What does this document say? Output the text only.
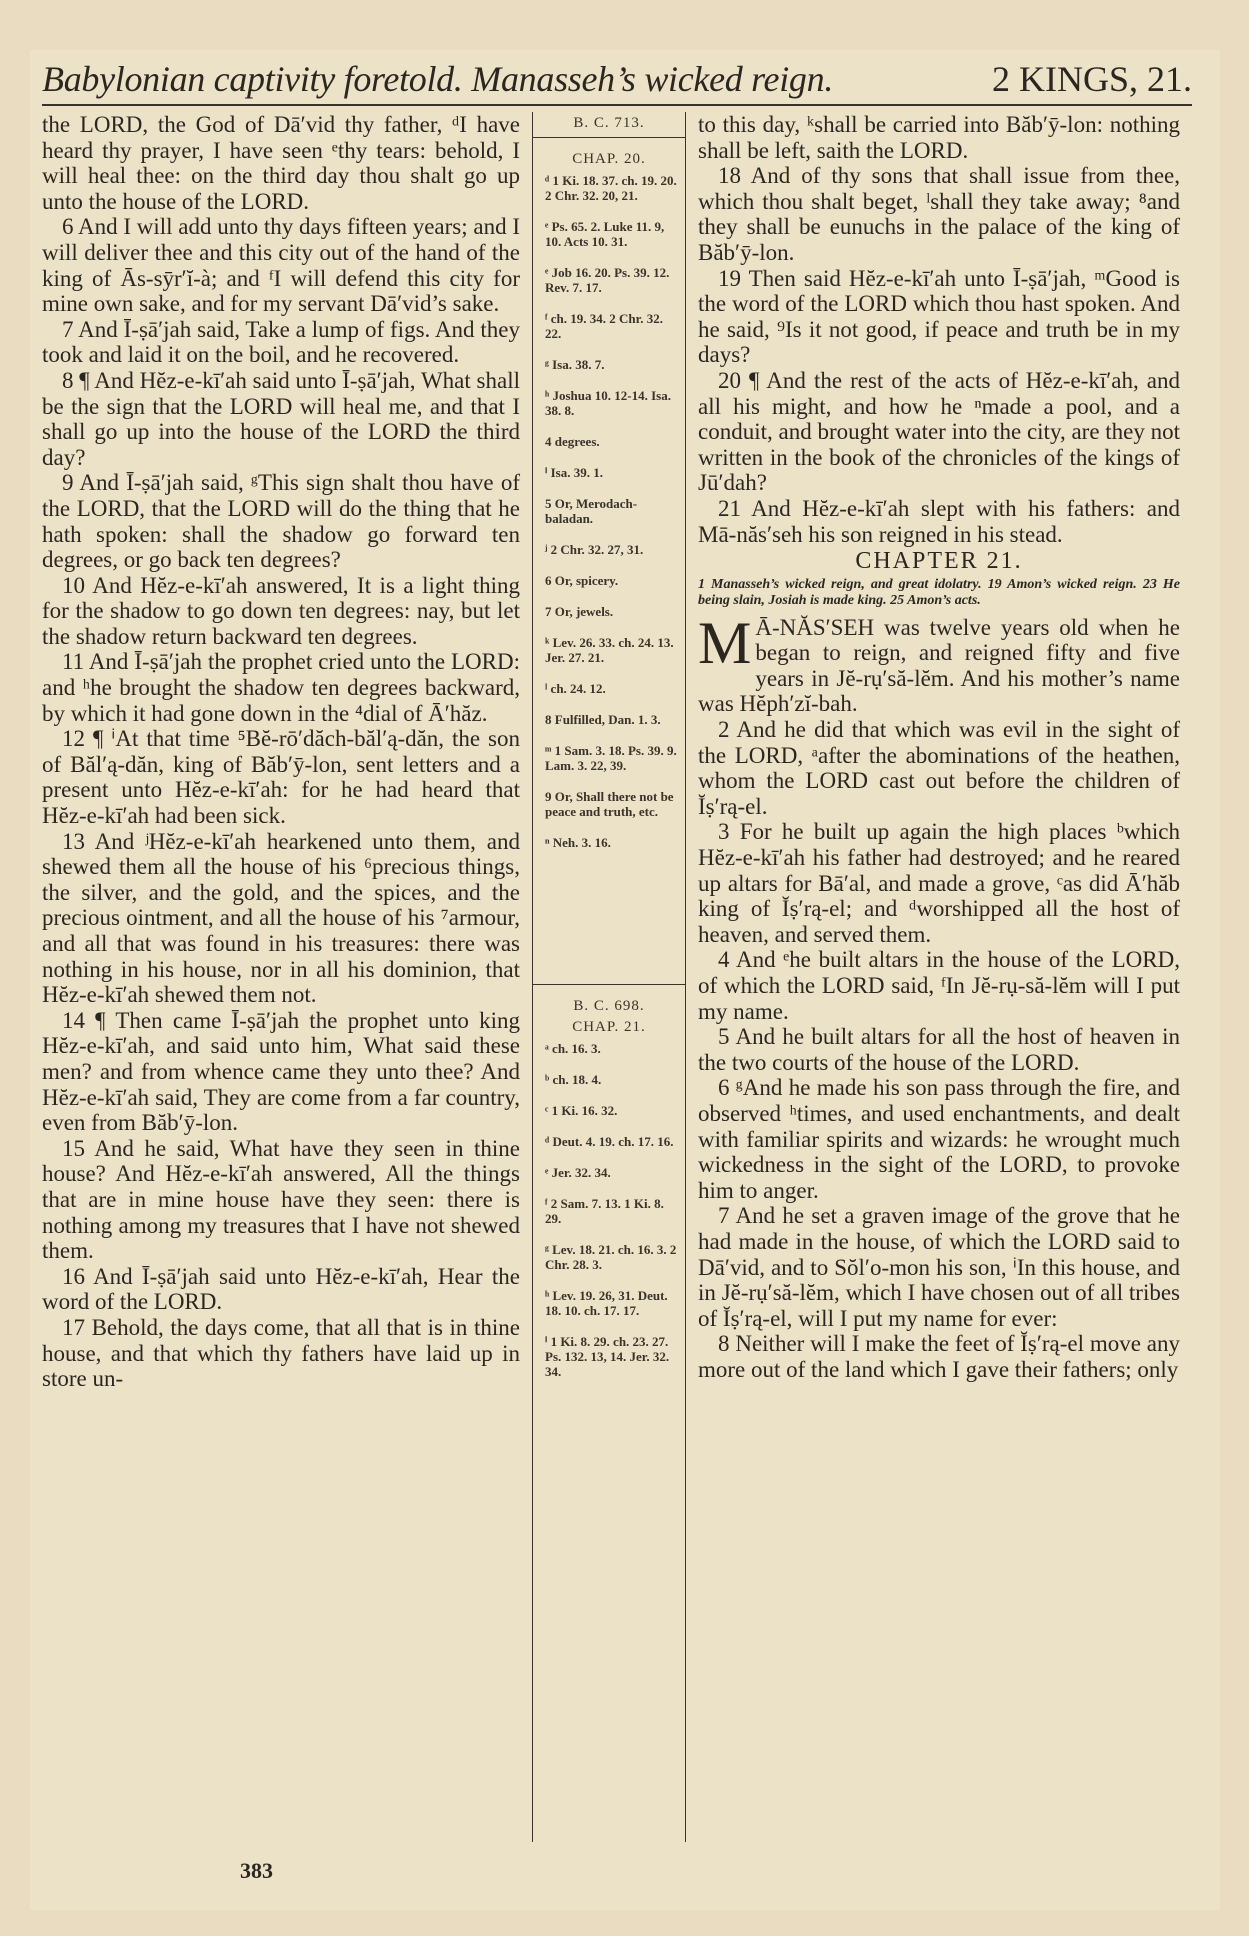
Babylonian captivity foretold. Manasseh’s wicked reign.	2 KINGS, 21.

the LORD, the God of Dā′vid thy father, ᵈI have heard thy prayer, I have seen ᵉthy tears: behold, I will heal thee: on the third day thou shalt go up unto the house of the LORD.

6 And I will add unto thy days fifteen years; and I will deliver thee and this city out of the hand of the king of Ās-sȳr′ĭ-à; and ᶠI will defend this city for mine own sake, and for my servant Dā′vid’s sake.

7 And Ī-ṣā′jah said, Take a lump of figs. And they took and laid it on the boil, and he recovered.

8 ¶ And Hĕz-e-kī′ah said unto Ī-ṣā′jah, What shall be the sign that the LORD will heal me, and that I shall go up into the house of the LORD the third day?

9 And Ī-ṣā′jah said, ᵍThis sign shalt thou have of the LORD, that the LORD will do the thing that he hath spoken: shall the shadow go forward ten degrees, or go back ten degrees?

10 And Hĕz-e-kī′ah answered, It is a light thing for the shadow to go down ten degrees: nay, but let the shadow return backward ten degrees.

11 And Ī-ṣā′jah the prophet cried unto the LORD: and ʰhe brought the shadow ten degrees backward, by which it had gone down in the ⁴dial of Ā′hăz.

12 ¶ ⁱAt that time ⁵Bĕ-rō′dăch-băl′ą-dăn, the son of Băl′ą-dăn, king of Băb′ȳ-lon, sent letters and a present unto Hĕz-e-kī′ah: for he had heard that Hĕz-e-kī′ah had been sick.

13 And ʲHĕz-e-kī′ah hearkened unto them, and shewed them all the house of his ⁶precious things, the silver, and the gold, and the spices, and the precious ointment, and all the house of his ⁷armour, and all that was found in his treasures: there was nothing in his house, nor in all his dominion, that Hĕz-e-kī′ah shewed them not.

14 ¶ Then came Ī-ṣā′jah the prophet unto king Hĕz-e-kī′ah, and said unto him, What said these men? and from whence came they unto thee? And Hĕz-e-kī′ah said, They are come from a far country, even from Băb′ȳ-lon.

15 And he said, What have they seen in thine house? And Hĕz-e-kī′ah answered, All the things that are in mine house have they seen: there is nothing among my treasures that I have not shewed them.

16 And Ī-ṣā′jah said unto Hĕz-e-kī′ah, Hear the word of the LORD.

17 Behold, the days come, that all that is in thine house, and that which thy fathers have laid up in store un-

B. C. 713.
CHAP. 20.
ᵈ 1 Ki. 18. 37. ch. 19. 20. 2 Chr. 32. 20, 21.
ᵉ Ps. 65. 2. Luke 11. 9, 10. Acts 10. 31.
ᵉ Job 16. 20. Ps. 39. 12. Rev. 7. 17.
ᶠ ch. 19. 34. 2 Chr. 32. 22.
ᵍ Isa. 38. 7.
ʰ Joshua 10. 12-14. Isa. 38. 8.
4 degrees.
ⁱ Isa. 39. 1.
5 Or, Merodach-baladan.
ʲ 2 Chr. 32. 27, 31.
6 Or, spicery.
7 Or, jewels.
ᵏ Lev. 26. 33. ch. 24. 13. Jer. 27. 21.
ˡ ch. 24. 12.
8 Fulfilled, Dan. 1. 3.
ᵐ 1 Sam. 3. 18. Ps. 39. 9. Lam. 3. 22, 39.
9 Or, Shall there not be peace and truth, etc.
ⁿ Neh. 3. 16.
B. C. 698.
CHAP. 21.
ᵃ ch. 16. 3.
ᵇ ch. 18. 4.
ᶜ 1 Ki. 16. 32.
ᵈ Deut. 4. 19. ch. 17. 16.
ᵉ Jer. 32. 34.
ᶠ 2 Sam. 7. 13. 1 Ki. 8. 29.
ᵍ Lev. 18. 21. ch. 16. 3. 2 Chr. 28. 3.
ʰ Lev. 19. 26, 31. Deut. 18. 10. ch. 17. 17.
ⁱ 1 Ki. 8. 29. ch. 23. 27. Ps. 132. 13, 14. Jer. 32. 34.

to this day, ᵏshall be carried into Băb′ȳ-lon: nothing shall be left, saith the LORD.

18 And of thy sons that shall issue from thee, which thou shalt beget, ˡshall they take away; ⁸and they shall be eunuchs in the palace of the king of Băb′ȳ-lon.

19 Then said Hĕz-e-kī′ah unto Ī-ṣā′jah, ᵐGood is the word of the LORD which thou hast spoken. And he said, ⁹Is it not good, if peace and truth be in my days?

20 ¶ And the rest of the acts of Hĕz-e-kī′ah, and all his might, and how he ⁿmade a pool, and a conduit, and brought water into the city, are they not written in the book of the chronicles of the kings of Jū′dah?

21 And Hĕz-e-kī′ah slept with his fathers: and Mā-năs′seh his son reigned in his stead.

CHAPTER 21.
1 Manasseh’s wicked reign, and great idolatry. 19 Amon’s wicked reign. 23 He being slain, Josiah is made king. 25 Amon’s acts.

M Ā-NĂS′SEH was twelve years old when he began to reign, and reigned fifty and five years in Jĕ-rụ′să-lĕm. And his mother’s name was Hĕph′zĭ-bah.

2 And he did that which was evil in the sight of the LORD, ᵃafter the abominations of the heathen, whom the LORD cast out before the children of Ĭṣ′rą-el.

3 For he built up again the high places ᵇwhich Hĕz-e-kī′ah his father had destroyed; and he reared up altars for Bā′al, and made a grove, ᶜas did Ā′hăb king of Ĭṣ′rą-el; and ᵈworshipped all the host of heaven, and served them.

4 And ᵉhe built altars in the house of the LORD, of which the LORD said, ᶠIn Jĕ-rụ-să-lĕm will I put my name.

5 And he built altars for all the host of heaven in the two courts of the house of the LORD.

6 ᵍAnd he made his son pass through the fire, and observed ʰtimes, and used enchantments, and dealt with familiar spirits and wizards: he wrought much wickedness in the sight of the LORD, to provoke him to anger.

7 And he set a graven image of the grove that he had made in the house, of which the LORD said to Dā′vid, and to Sŏl′o-mon his son, ⁱIn this house, and in Jĕ-rụ′să-lĕm, which I have chosen out of all tribes of Ĭṣ′rą-el, will I put my name for ever:

8 Neither will I make the feet of Ĭṣ′rą-el move any more out of the land which I gave their fathers; only

383
